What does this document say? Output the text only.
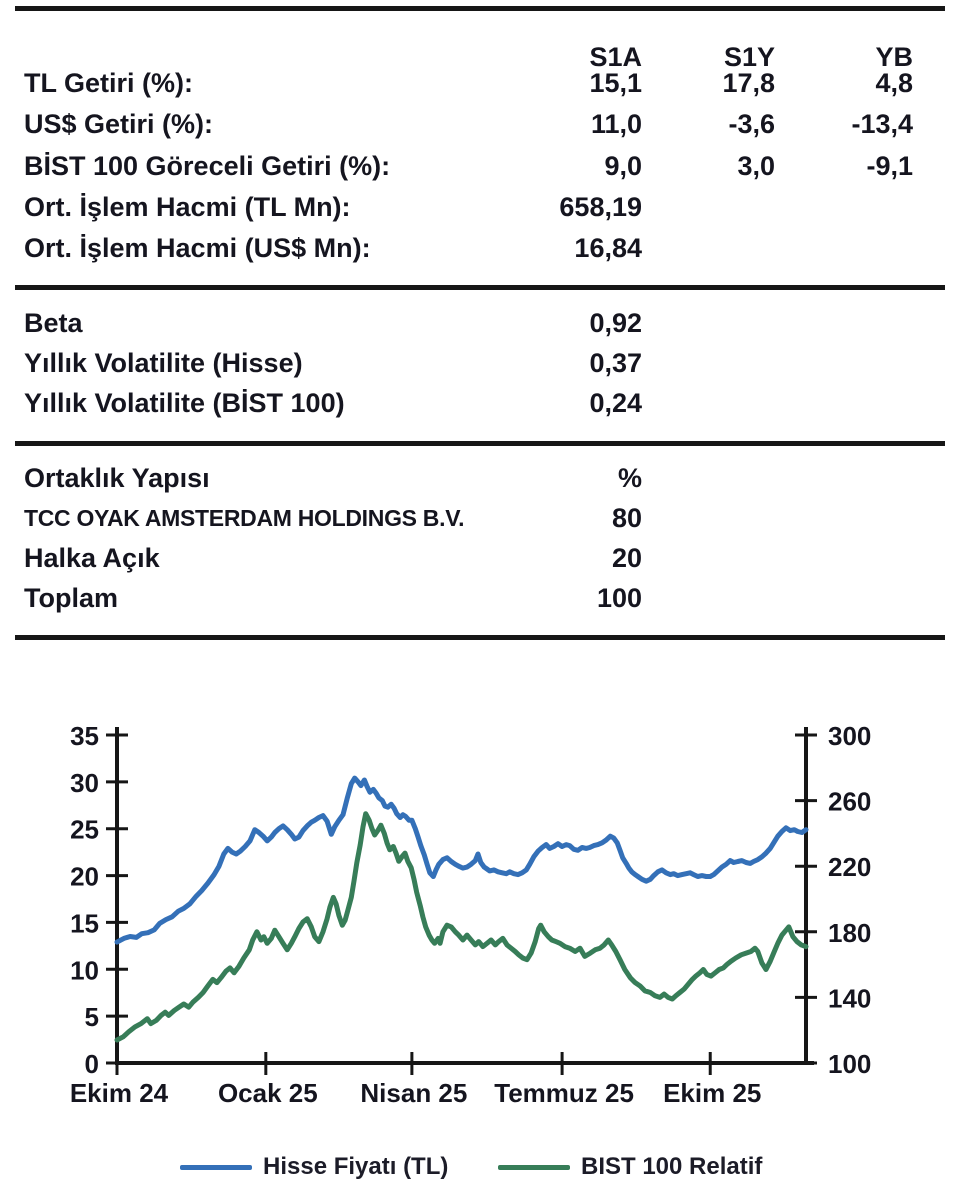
S1A	S1Y	YB
TL Getiri (%):	15,1	17,8	4,8
US$ Getiri (%):	11,0	-3,6	-13,4
BİST 100 Göreceli Getiri (%):	9,0	3,0	-9,1
Ort. İşlem Hacmi (TL Mn):	658,19
Ort. İşlem Hacmi (US$ Mn):	16,84
Beta	0,92
Yıllık Volatilite (Hisse)	0,37
Yıllık Volatilite (BİST 100)	0,24
Ortaklık Yapısı	%
TCC OYAK AMSTERDAM HOLDINGS B.V.	80
Halka Açık	20
Toplam	100
0
5
10
15
20
25
30
35
100
140
180
220
260
300
Ekim 24 Ocak 25 Nisan 25 Temmuz 25 Ekim 25
Hisse Fiyatı (TL)	BIST 100 Relatif
